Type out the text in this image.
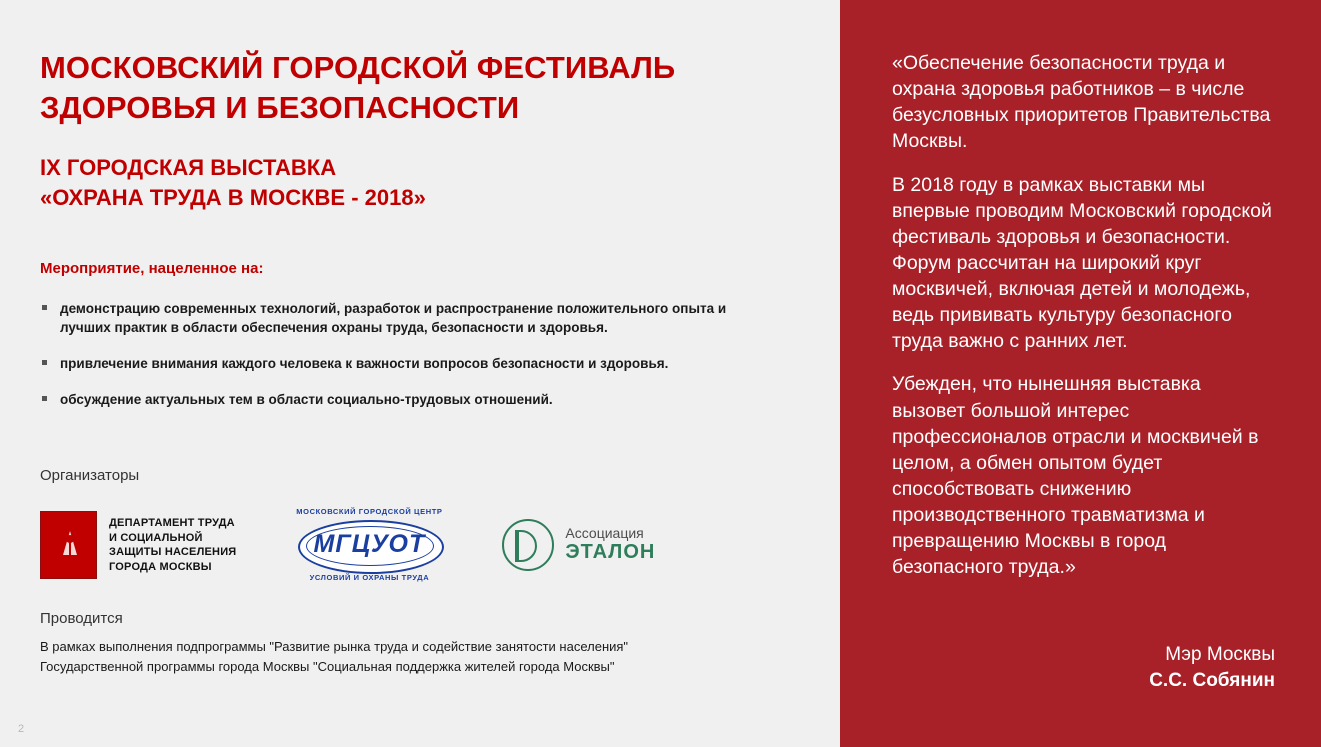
МОСКОВСКИЙ ГОРОДСКОЙ ФЕСТИВАЛЬ ЗДОРОВЬЯ И БЕЗОПАСНОСТИ
IX ГОРОДСКАЯ ВЫСТАВКА
«ОХРАНА ТРУДА В МОСКВЕ - 2018»
Мероприятие, нацеленное на:
демонстрацию современных технологий, разработок и распространение положительного опыта и лучших практик в области обеспечения охраны труда, безопасности и здоровья.
привлечение внимания каждого человека к важности вопросов безопасности и здоровья.
обсуждение актуальных тем в области социально-трудовых отношений.
Организаторы
ДЕПАРТАМЕНТ ТРУДА
И СОЦИАЛЬНОЙ
ЗАЩИТЫ НАСЕЛЕНИЯ
ГОРОДА МОСКВЫ
МОСКОВСКИЙ ГОРОДСКОЙ ЦЕНТР
МГЦУОТ
УСЛОВИЙ И ОХРАНЫ ТРУДА
Ассоциация
ЭТАЛОН
Проводится
В рамках выполнения подпрограммы "Развитие рынка труда и содействие занятости населения"
Государственной программы города Москвы "Социальная поддержка жителей города Москвы"
2

«Обеспечение безопасности труда и охрана здоровья работников – в числе безусловных приоритетов Правительства Москвы.

В 2018 году в рамках выставки мы впервые проводим Московский городской фестиваль здоровья и безопасности. Форум рассчитан на широкий круг москвичей, включая детей и молодежь, ведь прививать культуру безопасного труда важно с ранних лет.

Убежден, что нынешняя выставка вызовет большой интерес профессионалов отрасли и москвичей в целом, а обмен опытом будет способствовать снижению производственного травматизма и превращению Москвы в город безопасного труда.»

Мэр Москвы
С.С. Собянин
